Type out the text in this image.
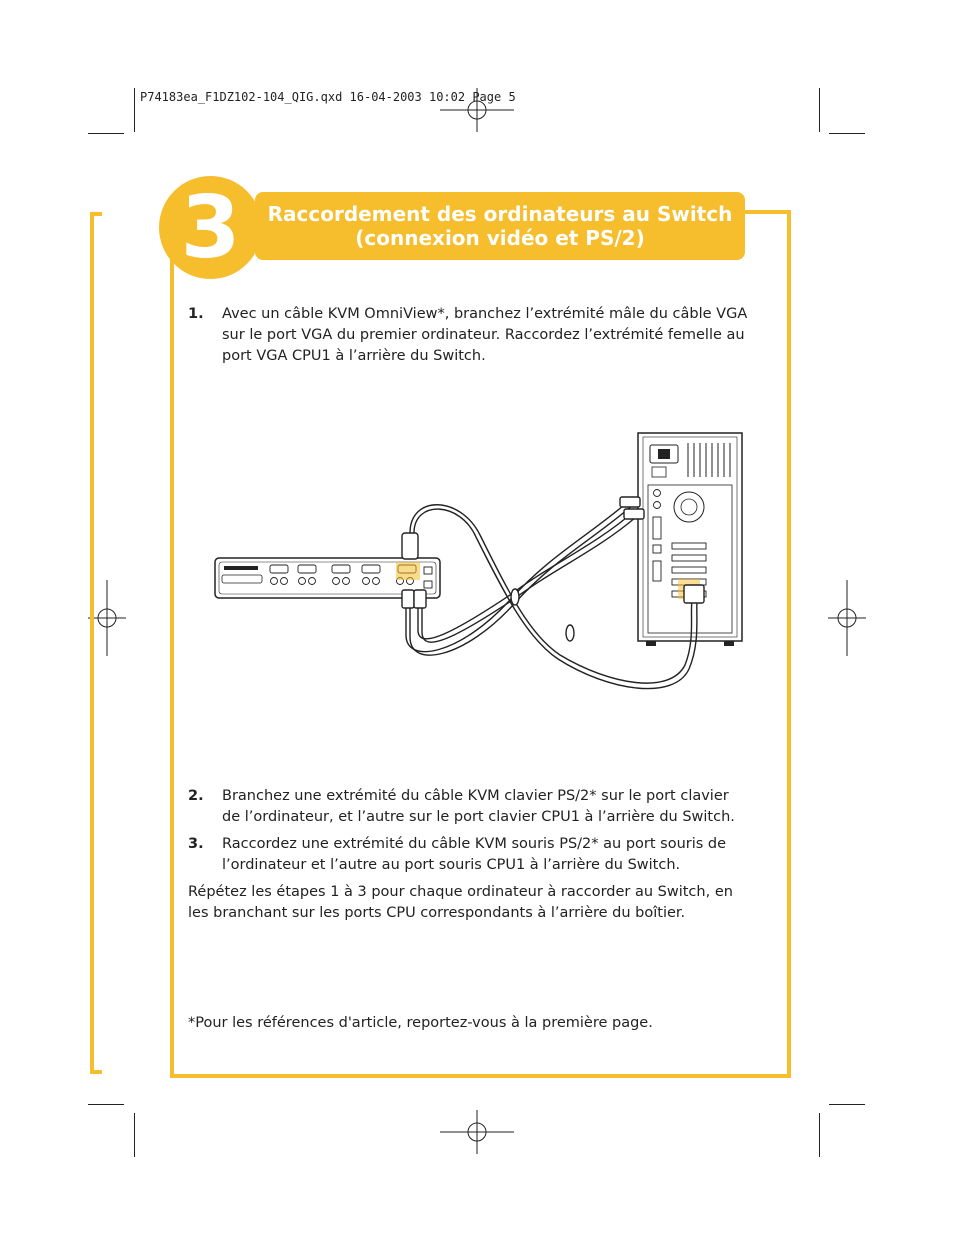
P74183ea_F1DZ102-104_QIG.qxd 16-04-2003 10:02 Page 5
3	Raccordement des ordinateurs au Switch
(connexion vidéo et PS/2)
1. Avec un câble KVM OmniView*, branchez l’extrémité mâle du câble VGA sur le port VGA du premier ordinateur. Raccordez l’extrémité femelle au port VGA CPU1 à l’arrière du Switch.
2. Branchez une extrémité du câble KVM clavier PS/2* sur le port clavier de l’ordinateur, et l’autre sur le port clavier CPU1 à l’arrière du Switch.
3. Raccordez une extrémité du câble KVM souris PS/2* au port souris de l’ordinateur et l’autre au port souris CPU1 à l’arrière du Switch.
Répétez les étapes 1 à 3 pour chaque ordinateur à raccorder au Switch, en les branchant sur les ports CPU correspondants à l’arrière du boîtier.
*Pour les références d'article, reportez-vous à la première page.
